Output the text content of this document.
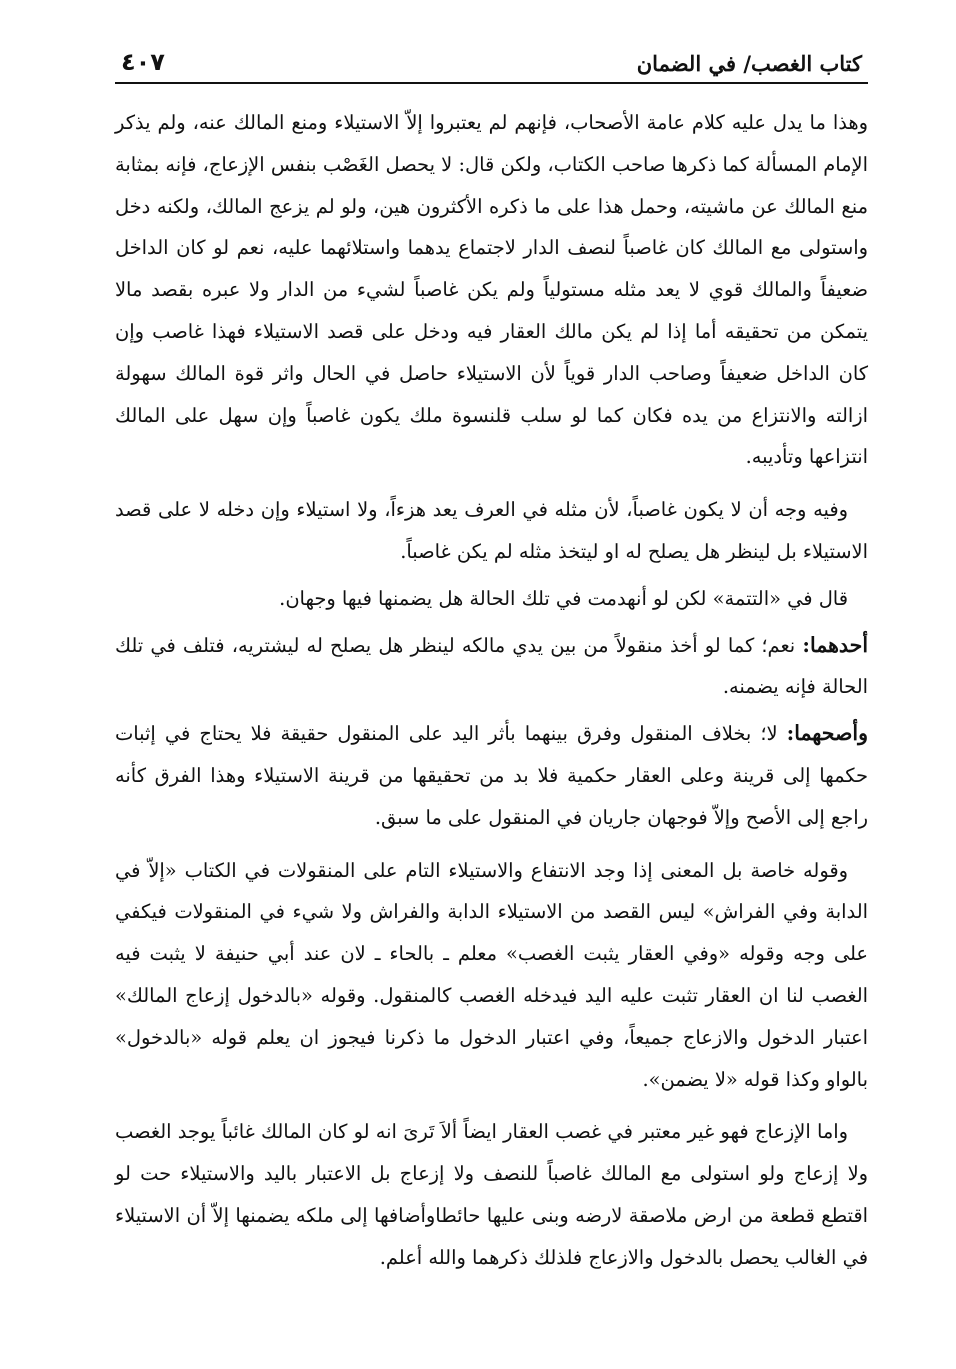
كتاب الغصب/ في الضمان
٤٠٧

وهذا ما يدل عليه كلام عامة الأصحاب، فإنهم لم يعتبروا إلاّ الاستيلاء ومنع المالك عنه، ولم يذكر الإمام المسألة كما ذكرها صاحب الكتاب، ولكن قال: لا يحصل الغَصْب بنفس الإزعاج، فإنه بمثابة منع المالك عن ماشيته، وحمل هذا على ما ذكره الأكثرون هين، ولو لم يزعج المالك، ولكنه دخل واستولى مع المالك كان غاصباً لنصف الدار لاجتماع يدهما واستلائهما عليه، نعم لو كان الداخل ضعيفاً والمالك قوي لا يعد مثله مستولياً ولم يكن غاصباً لشيء من الدار ولا عبره بقصد مالا يتمكن من تحقيقه أما إذا لم يكن مالك العقار فيه ودخل على قصد الاستيلاء فهذا غاصب وإن كان الداخل ضعيفاً وصاحب الدار قوياً لأن الاستيلاء حاصل في الحال واثر قوة المالك سهولة ازالته والانتزاع من يده فكان كما لو سلب قلنسوة ملك يكون غاصباً وإن سهل على المالك انتزاعها وتأديبه.

وفيه وجه أن لا يكون غاصباً، لأن مثله في العرف يعد هزءاً، ولا استيلاء وإن دخله لا على قصد الاستيلاء بل لينظر هل يصلح له او ليتخذ مثله لم يكن غاصباً.

قال في «التتمة» لكن لو أنهدمت في تلك الحالة هل يضمنها فيها وجهان.

أحدهما: نعم؛ كما لو أخذ منقولاً من بين يدي مالكه لينظر هل يصلح له ليشتريه، فتلف في تلك الحالة فإنه يضمنه.

وأصحهما: لا؛ بخلاف المنقول وفرق بينهما بأثر اليد على المنقول حقيقة فلا يحتاج في إثبات حكمها إلى قرينة وعلى العقار حكمية فلا بد من تحقيقها من قرينة الاستيلاء وهذا الفرق كأنه راجع إلى الأصح وإلاّ فوجهان جاريان في المنقول على ما سبق.

وقوله خاصة بل المعنى إذا وجد الانتفاع والاستيلاء التام على المنقولات في الكتاب «إلاّ في الدابة وفي الفراش» ليس القصد من الاستيلاء الدابة والفراش ولا شيء في المنقولات فيكفي على وجه وقوله «وفي العقار يثبت الغصب» معلم ـ بالحاء ـ لان عند أبي حنيفة لا يثبت فيه الغصب لنا ان العقار تثبت عليه اليد فيدخله الغصب كالمنقول. وقوله «بالدخول إزعاج المالك» اعتبار الدخول والازعاج جميعاً، وفي اعتبار الدخول ما ذكرنا فيجوز ان يعلم قوله «بالدخول» بالواو وكذا قوله «لا يضمن».

واما الإزعاج فهو غير معتبر في غصب العقار ايضاً ألاَ تَرىَ انه لو كان المالك غائباً يوجد الغصب ولا إزعاج ولو استولى مع المالك غاصباً للنصف ولا إزعاج بل الاعتبار باليد والاستيلاء حت لو اقتطع قطعة من ارض ملاصقة لارضه وبنى عليها حائطاوأضافها إلى ملكه يضمنها إلاّ أن الاستيلاء في الغالب يحصل بالدخول والازعاج فلذلك ذكرهما والله أعلم.
